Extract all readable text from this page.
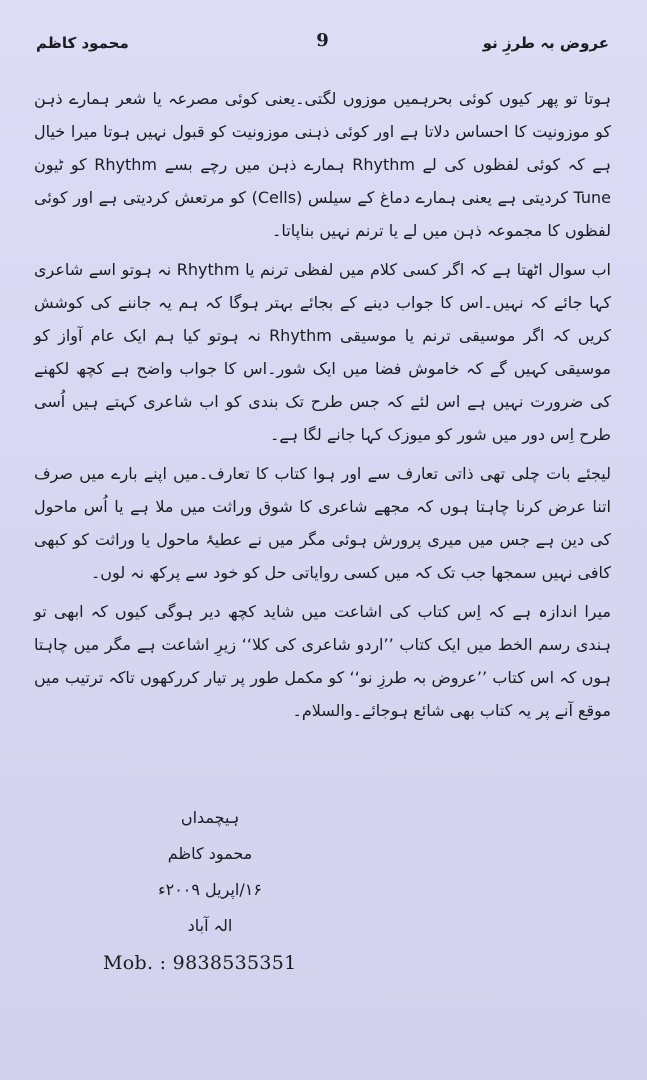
عروض بہ طرزِ نو
9
محمود کاظم

ہوتا تو پھر کیوں کوئی بحرہمیں موزوں لگتی۔یعنی کوئی مصرعہ یا شعر ہمارے ذہن کو موزونیت کا احساس دلاتا ہے اور کوئی ذہنی موزونیت کو قبول نہیں ہوتا میرا خیال ہے کہ کوئی لفظوں کی لے Rhythm ہمارے ذہن میں رچے بسے Rhythm کو ٹیون Tune کردیتی ہے یعنی ہمارے دماغ کے سیلس (Cells) کو مرتعش کردیتی ہے اور کوئی لفظوں کا مجموعہ ذہن میں لے یا ترنم نہیں بناپاتا۔

اب سوال اٹھتا ہے کہ اگر کسی کلام میں لفظی ترنم یا Rhythm نہ ہوتو اسے شاعری کہا جائے کہ نہیں۔اس کا جواب دینے کے بجائے بہتر ہوگا کہ ہم یہ جاننے کی کوشش کریں کہ اگر موسیقی ترنم یا موسیقی Rhythm نہ ہوتو کیا ہم ایک عام آواز کو موسیقی کہیں گے کہ خاموش فضا میں ایک شور۔اس کا جواب واضح ہے کچھ لکھنے کی ضرورت نہیں ہے اس لئے کہ جس طرح تک بندی کو اب شاعری کہتے ہیں اُسی طرح اِس دور میں شور کو میوزک کہا جانے لگا ہے۔

لیجئے بات چلی تھی ذاتی تعارف سے اور ہوا کتاب کا تعارف۔میں اپنے بارے میں صرف اتنا عرض کرنا چاہتا ہوں کہ مجھے شاعری کا شوق وراثت میں ملا ہے یا اُس ماحول کی دین ہے جس میں میری پرورش ہوئی مگر میں نے عطیۂ ماحول یا وراثت کو کبھی کافی نہیں سمجھا جب تک کہ میں کسی روایاتی حل کو خود سے پرکھ نہ لوں۔

میرا اندازہ ہے کہ اِس کتاب کی اشاعت میں شاید کچھ دیر ہوگی کیوں کہ ابھی تو ہندی رسم الخط میں ایک کتاب ’’اردو شاعری کی کلا‘‘ زیرِ اشاعت ہے مگر میں چاہتا ہوں کہ اس کتاب ’’عروض بہ طرزِ نو‘‘ کو مکمل طور پر تیار کررکھوں تاکہ ترتیب میں موقع آنے پر یہ کتاب بھی شائع ہوجائے۔والسلام۔

ہیچمداں
محمود کاظم
۱۶/اپریل ۲۰۰۹ء
الہ آباد
Mob. : 9838535351
